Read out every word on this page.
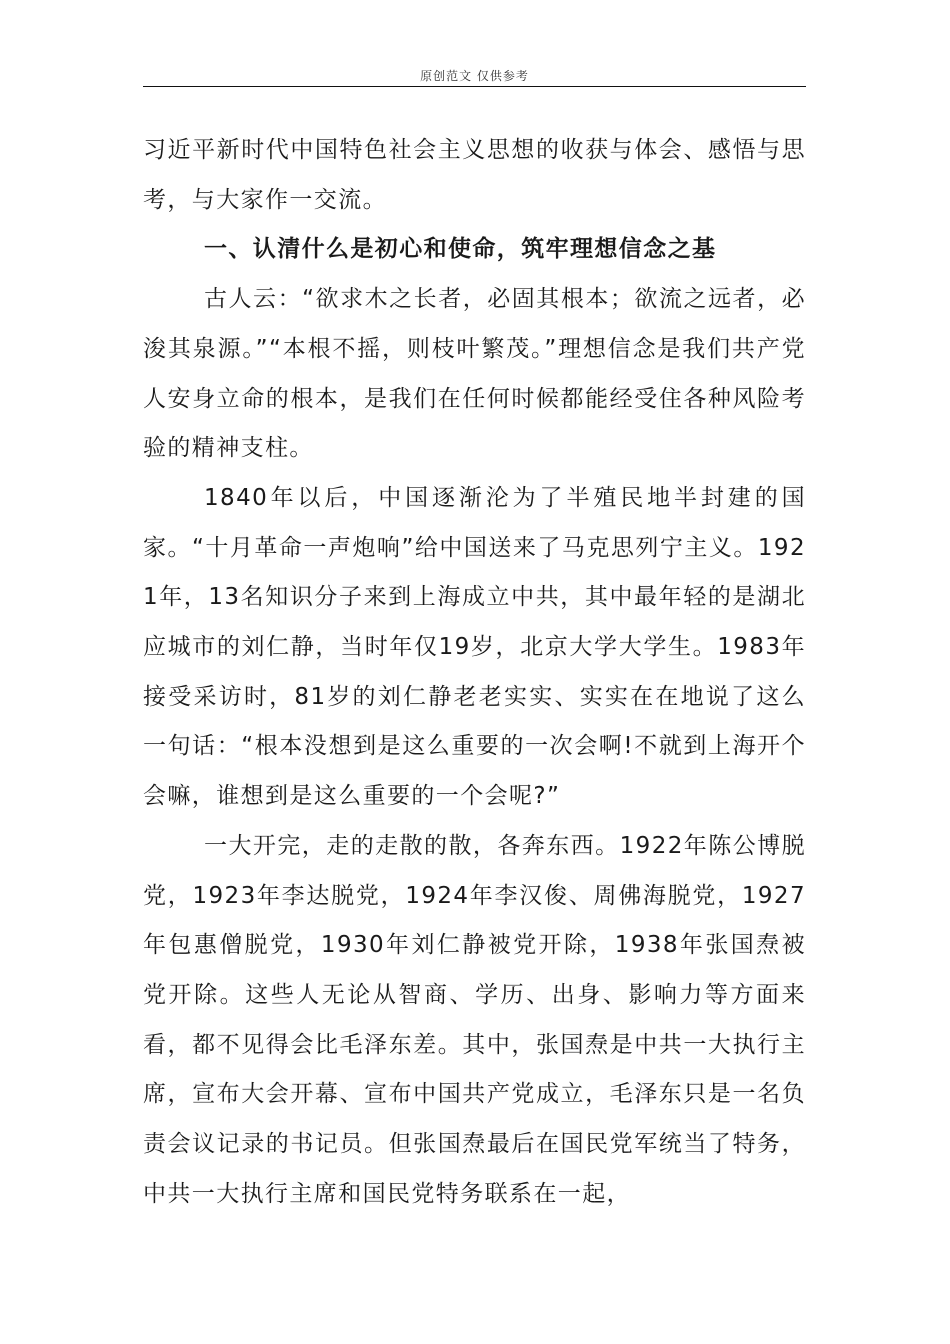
原创范文 仅供参考

习近平新时代中国特色社会主义思想的收获与体会、感悟与思考，与大家作一交流。

一、认清什么是初心和使命，筑牢理想信念之基

古人云：“欲求木之长者，必固其根本；欲流之远者，必浚其泉源。”“本根不摇，则枝叶繁茂。”理想信念是我们共产党人安身立命的根本，是我们在任何时候都能经受住各种风险考验的精神支柱。

1840年以后，中国逐渐沦为了半殖民地半封建的国家。“十月革命一声炮响”给中国送来了马克思列宁主义。1921年，13名知识分子来到上海成立中共，其中最年轻的是湖北应城市的刘仁静，当时年仅19岁，北京大学大学生。1983年接受采访时，81岁的刘仁静老老实实、实实在在地说了这么一句话：“根本没想到是这么重要的一次会啊!不就到上海开个会嘛，谁想到是这么重要的一个会呢?”

一大开完，走的走散的散，各奔东西。1922年陈公博脱党，1923年李达脱党，1924年李汉俊、周佛海脱党，1927年包惠僧脱党，1930年刘仁静被党开除，1938年张国焘被党开除。这些人无论从智商、学历、出身、影响力等方面来看，都不见得会比毛泽东差。其中，张国焘是中共一大执行主席，宣布大会开幕、宣布中国共产党成立，毛泽东只是一名负责会议记录的书记员。但张国焘最后在国民党军统当了特务，中共一大执行主席和国民党特务联系在一起，
